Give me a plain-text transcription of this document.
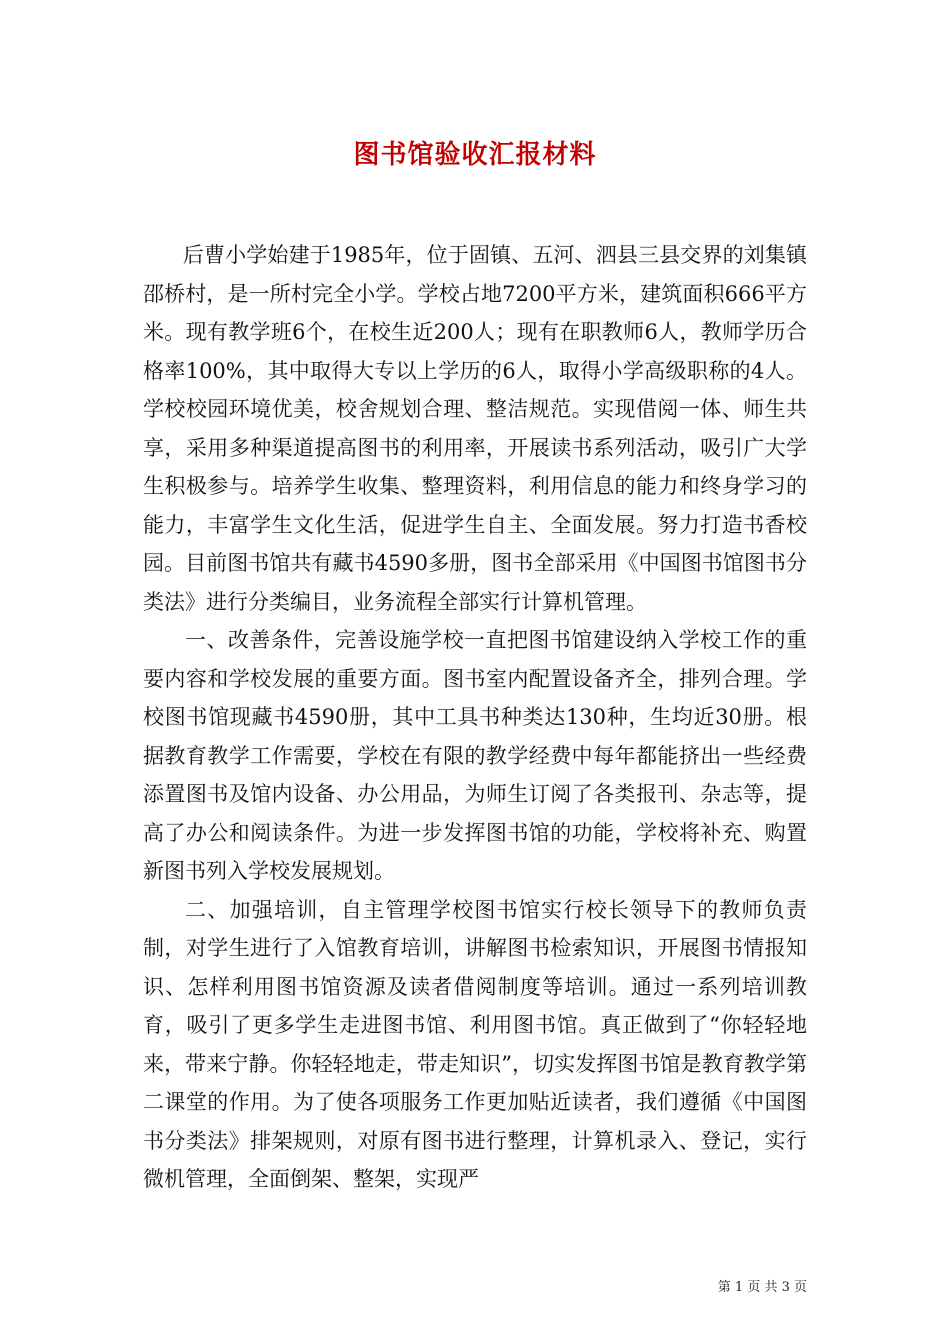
图书馆验收汇报材料

后曹小学始建于1985年，位于固镇、五河、泗县三县交界的刘集镇邵桥村，是一所村完全小学。学校占地7200平方米，建筑面积666平方米。现有教学班6个，在校生近200人；现有在职教师6人，教师学历合格率100%，其中取得大专以上学历的6人，取得小学高级职称的4人。学校校园环境优美，校舍规划合理、整洁规范。实现借阅一体、师生共享，采用多种渠道提高图书的利用率，开展读书系列活动，吸引广大学生积极参与。培养学生收集、整理资料，利用信息的能力和终身学习的能力，丰富学生文化生活，促进学生自主、全面发展。努力打造书香校园。目前图书馆共有藏书4590多册，图书全部采用《中国图书馆图书分类法》进行分类编目，业务流程全部实行计算机管理。

一、改善条件，完善设施学校一直把图书馆建设纳入学校工作的重要内容和学校发展的重要方面。图书室内配置设备齐全，排列合理。学校图书馆现藏书4590册，其中工具书种类达130种，生均近30册。根据教育教学工作需要，学校在有限的教学经费中每年都能挤出一些经费添置图书及馆内设备、办公用品，为师生订阅了各类报刊、杂志等，提高了办公和阅读条件。为进一步发挥图书馆的功能，学校将补充、购置新图书列入学校发展规划。

二、加强培训，自主管理学校图书馆实行校长领导下的教师负责制，对学生进行了入馆教育培训，讲解图书检索知识，开展图书情报知识、怎样利用图书馆资源及读者借阅制度等培训。通过一系列培训教育，吸引了更多学生走进图书馆、利用图书馆。真正做到了“你轻轻地来，带来宁静。你轻轻地走，带走知识”，切实发挥图书馆是教育教学第二课堂的作用。为了使各项服务工作更加贴近读者，我们遵循《中国图书分类法》排架规则，对原有图书进行整理，计算机录入、登记，实行微机管理，全面倒架、整架，实现严

第 1 页 共 3 页
